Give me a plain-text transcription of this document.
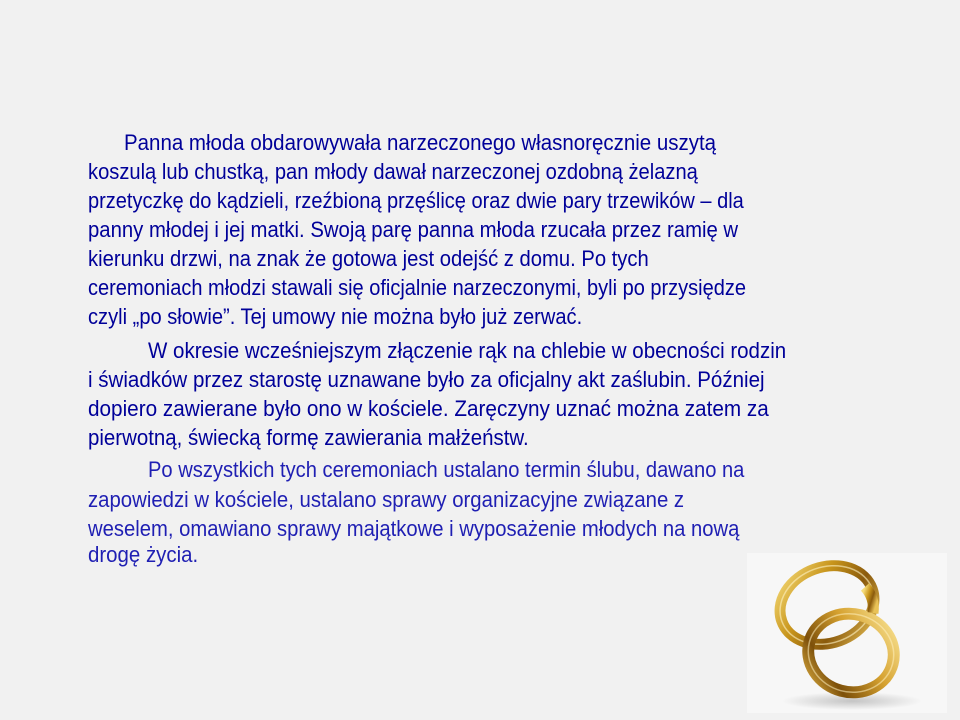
Panna młoda obdarowywała narzeczonego własnoręcznie uszytą

koszulą lub chustką, pan młody dawał narzeczonej ozdobną żelazną

przetyczkę do kądzieli, rzeźbioną przęślicę oraz dwie pary trzewików – dla

panny młodej i jej matki. Swoją parę panna młoda rzucała przez ramię w

kierunku drzwi, na znak że gotowa jest odejść z domu. Po tych

ceremoniach młodzi stawali się oficjalnie narzeczonymi, byli po przysiędze

czyli „po słowie”. Tej umowy nie można było już zerwać.

W okresie wcześniejszym złączenie rąk na chlebie w obecności rodzin

i świadków przez starostę uznawane było za oficjalny akt zaślubin. Później

dopiero zawierane było ono w kościele. Zaręczyny uznać można zatem za

pierwotną, świecką formę zawierania małżeństw.

Po wszystkich tych ceremoniach ustalano termin ślubu, dawano na

zapowiedzi w kościele, ustalano sprawy organizacyjne związane z

weselem, omawiano sprawy majątkowe i wyposażenie młodych na nową

drogę życia.
